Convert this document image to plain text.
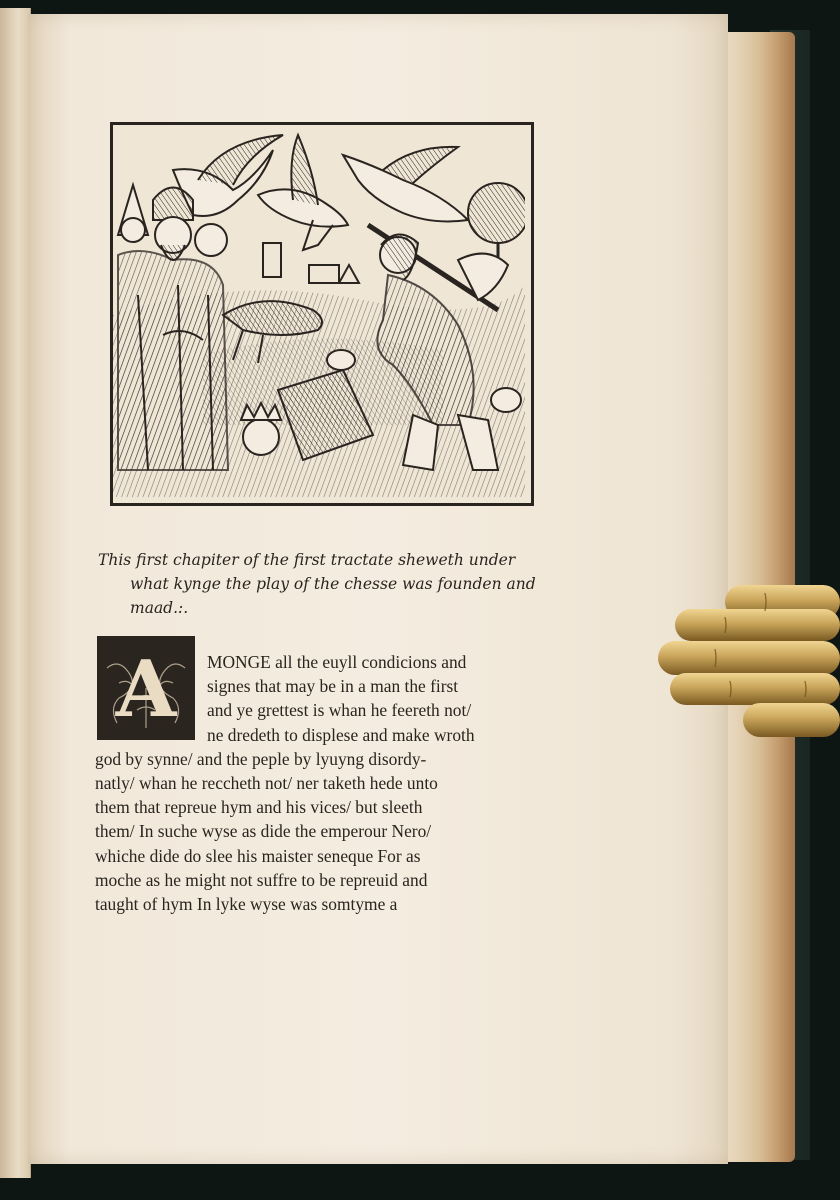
This first chapiter of the first tractate sheweth under
what kynge the play of the chesse was founden and
maad.:.
A	MONGE all the euyll condicions and
signes that may be in a man the first
and ye grettest is whan he feereth not/
ne dredeth to displese and make wroth
god by synne/ and the peple by lyuyng disordy-
natly/ whan he reccheth not/ ner taketh hede unto
them that repreue hym and his vices/ but sleeth
them/ In suche wyse as dide the emperour Nero/
whiche dide do slee his maister seneque For as
moche as he might not suffre to be repreuid and
taught of hym In lyke wyse was somtyme a
